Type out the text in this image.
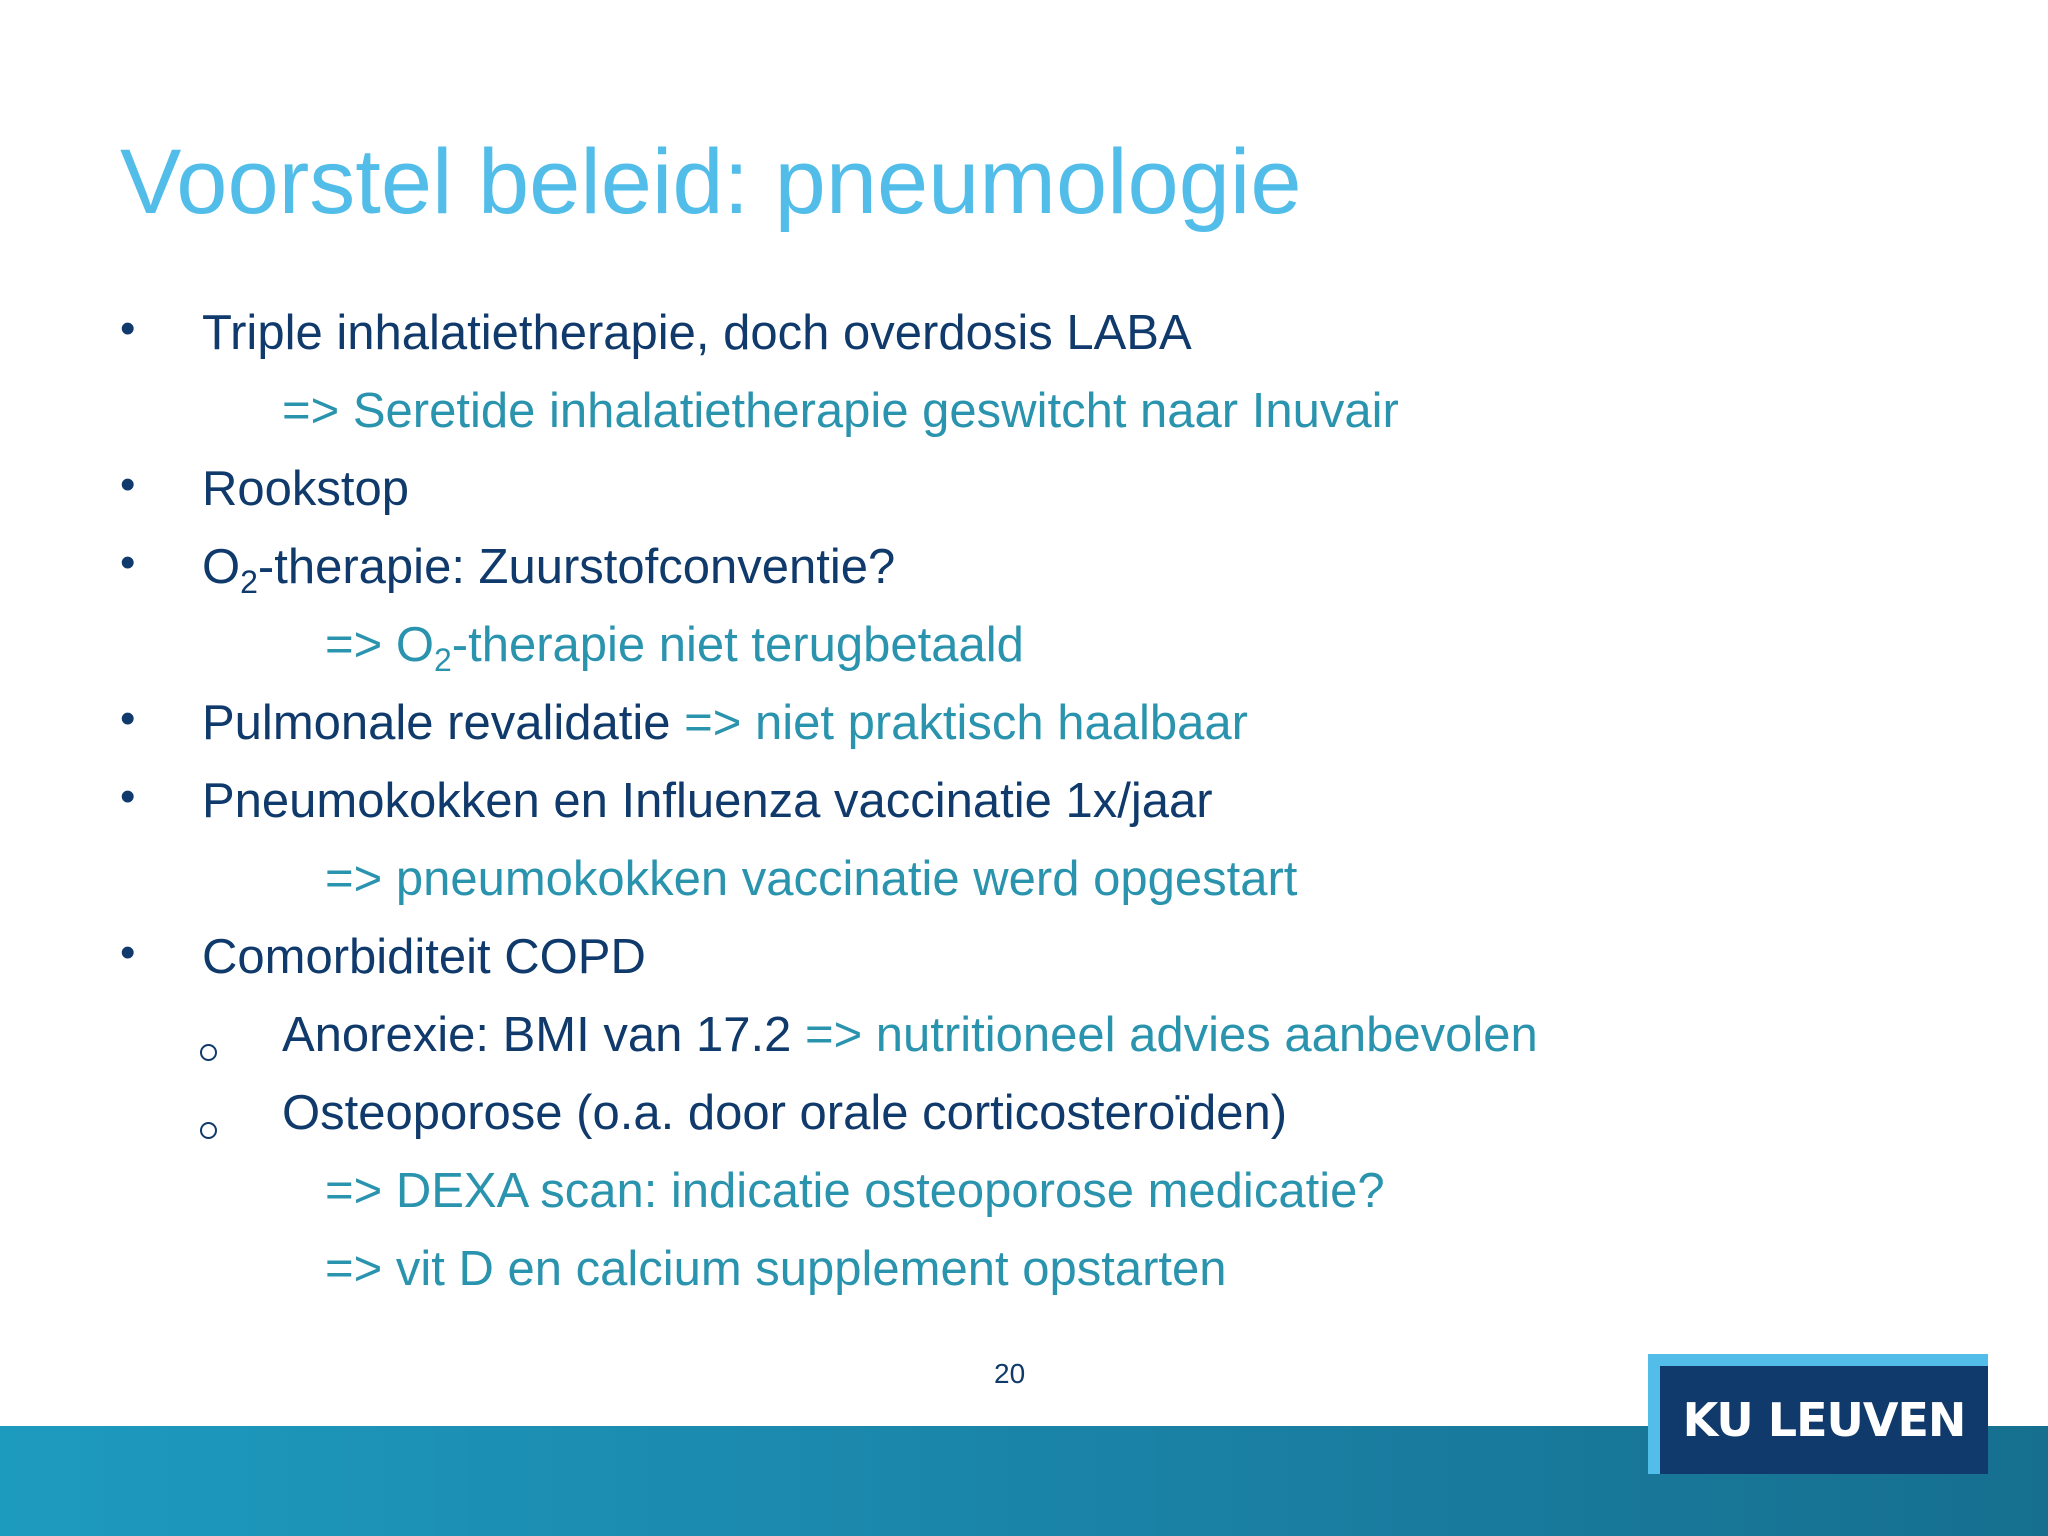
Voorstel beleid: pneumologie
• Triple inhalatietherapie, doch overdosis LABA
=> Seretide inhalatietherapie geswitcht naar Inuvair
• Rookstop
• $O_2$-therapie: Zuurstofconventie?
=> $O_2$-therapie niet terugbetaald
• Pulmonale revalidatie => niet praktisch haalbaar
• Pneumokokken en Influenza vaccinatie 1x/jaar
=> pneumokokken vaccinatie werd opgestart
• Comorbiditeit COPD
Anorexie: BMI van 17.2 => nutritioneel advies aanbevolen
Osteoporose (o.a. door orale corticosteroïden)
=> DEXA scan: indicatie osteoporose medicatie?
=> vit D en calcium supplement opstarten
20
KU LEUVEN
